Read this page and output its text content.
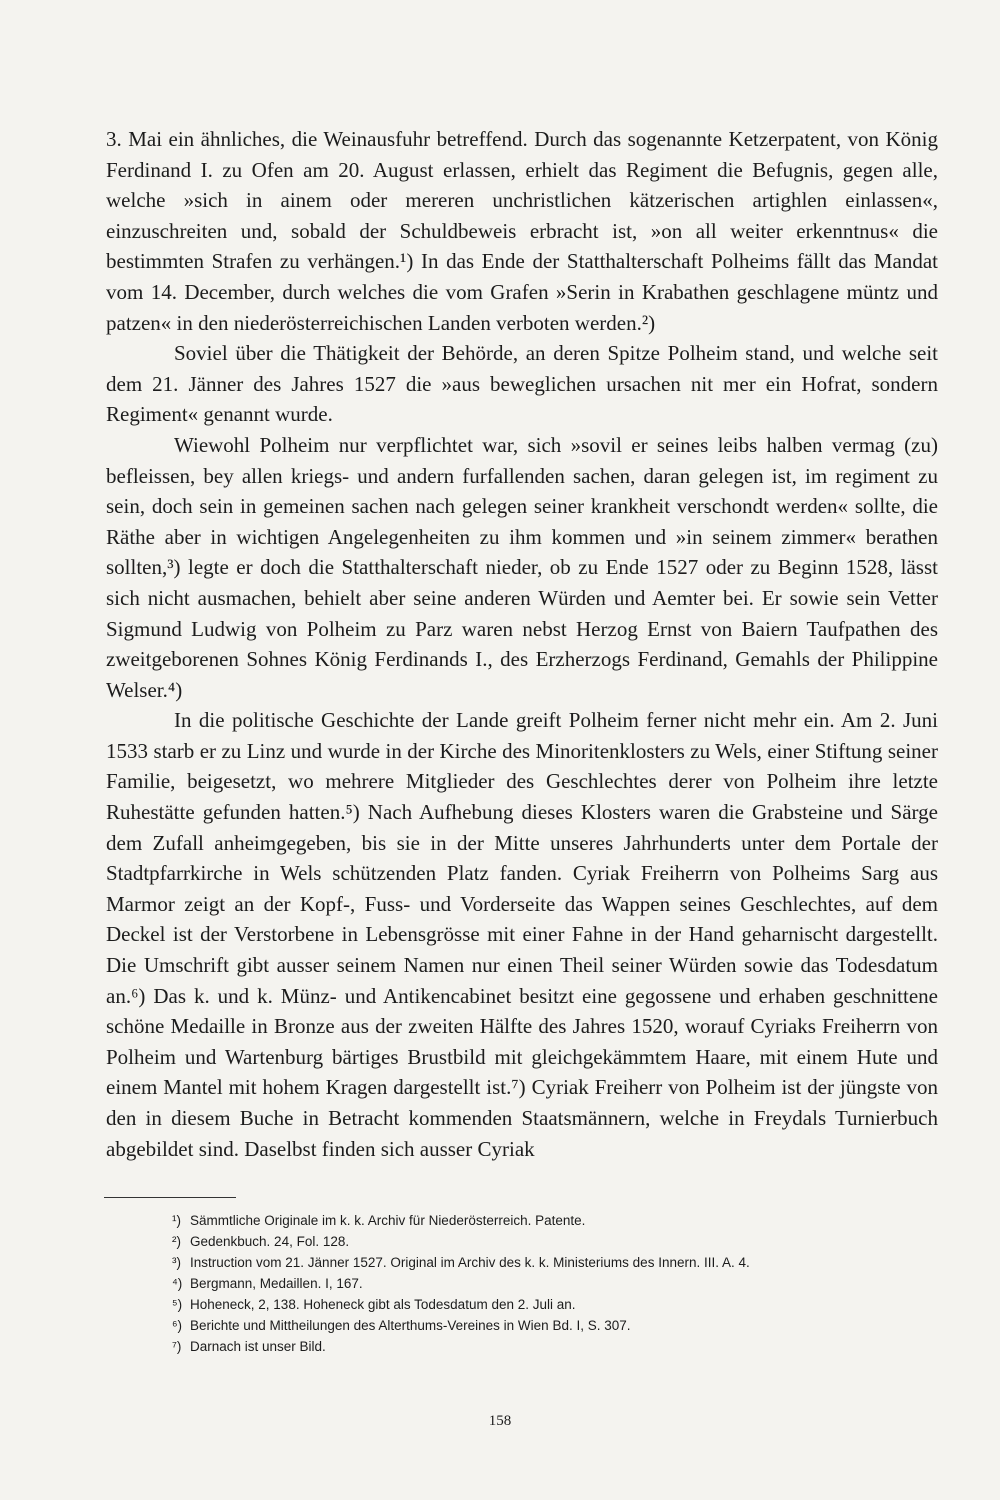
3. Mai ein ähnliches, die Weinausfuhr betreffend. Durch das sogenannte Ketzerpatent, von König Ferdinand I. zu Ofen am 20. August erlassen, erhielt das Regiment die Befugnis, gegen alle, welche »sich in ainem oder mereren unchristlichen kätzerischen artighlen einlassen«, einzuschreiten und, sobald der Schuldbeweis erbracht ist, »on all weiter erkenntnus« die bestimmten Strafen zu verhängen.¹) In das Ende der Statthalterschaft Polheims fällt das Mandat vom 14. December, durch welches die vom Grafen »Serin in Krabathen geschlagene müntz und patzen« in den niederösterreichischen Landen verboten werden.²)

Soviel über die Thätigkeit der Behörde, an deren Spitze Polheim stand, und welche seit dem 21. Jänner des Jahres 1527 die »aus beweglichen ursachen nit mer ein Hofrat, sondern Regiment« genannt wurde.

Wiewohl Polheim nur verpflichtet war, sich »sovil er seines leibs halben vermag (zu) befleissen, bey allen kriegs- und andern furfallenden sachen, daran gelegen ist, im regiment zu sein, doch sein in gemeinen sachen nach gelegen seiner krankheit verschondt werden« sollte, die Räthe aber in wichtigen Angelegenheiten zu ihm kommen und »in seinem zimmer« berathen sollten,³) legte er doch die Statthalterschaft nieder, ob zu Ende 1527 oder zu Beginn 1528, lässt sich nicht ausmachen, behielt aber seine anderen Würden und Aemter bei. Er sowie sein Vetter Sigmund Ludwig von Polheim zu Parz waren nebst Herzog Ernst von Baiern Taufpathen des zweitgeborenen Sohnes König Ferdinands I., des Erzherzogs Ferdinand, Gemahls der Philippine Welser.⁴)

In die politische Geschichte der Lande greift Polheim ferner nicht mehr ein. Am 2. Juni 1533 starb er zu Linz und wurde in der Kirche des Minoritenklosters zu Wels, einer Stiftung seiner Familie, beigesetzt, wo mehrere Mitglieder des Geschlechtes derer von Polheim ihre letzte Ruhestätte gefunden hatten.⁵) Nach Aufhebung dieses Klosters waren die Grabsteine und Särge dem Zufall anheimgegeben, bis sie in der Mitte unseres Jahrhunderts unter dem Portale der Stadtpfarrkirche in Wels schützenden Platz fanden. Cyriak Freiherrn von Polheims Sarg aus Marmor zeigt an der Kopf-, Fuss- und Vorderseite das Wappen seines Geschlechtes, auf dem Deckel ist der Verstorbene in Lebensgrösse mit einer Fahne in der Hand geharnischt dargestellt. Die Umschrift gibt ausser seinem Namen nur einen Theil seiner Würden sowie das Todesdatum an.⁶) Das k. und k. Münz- und Antikencabinet besitzt eine gegossene und erhaben geschnittene schöne Medaille in Bronze aus der zweiten Hälfte des Jahres 1520, worauf Cyriaks Freiherrn von Polheim und Wartenburg bärtiges Brustbild mit gleichgekämmtem Haare, mit einem Hute und einem Mantel mit hohem Kragen dargestellt ist.⁷) Cyriak Freiherr von Polheim ist der jüngste von den in diesem Buche in Betracht kommenden Staatsmännern, welche in Freydals Turnierbuch abgebildet sind. Daselbst finden sich ausser Cyriak

¹) Sämmtliche Originale im k. k. Archiv für Niederösterreich. Patente.
²) Gedenkbuch. 24, Fol. 128.
³) Instruction vom 21. Jänner 1527. Original im Archiv des k. k. Ministeriums des Innern. III. A. 4.
⁴) Bergmann, Medaillen. I, 167.
⁵) Hoheneck, 2, 138. Hoheneck gibt als Todesdatum den 2. Juli an.
⁶) Berichte und Mittheilungen des Alterthums-Vereines in Wien Bd. I, S. 307.
⁷) Darnach ist unser Bild.
158
